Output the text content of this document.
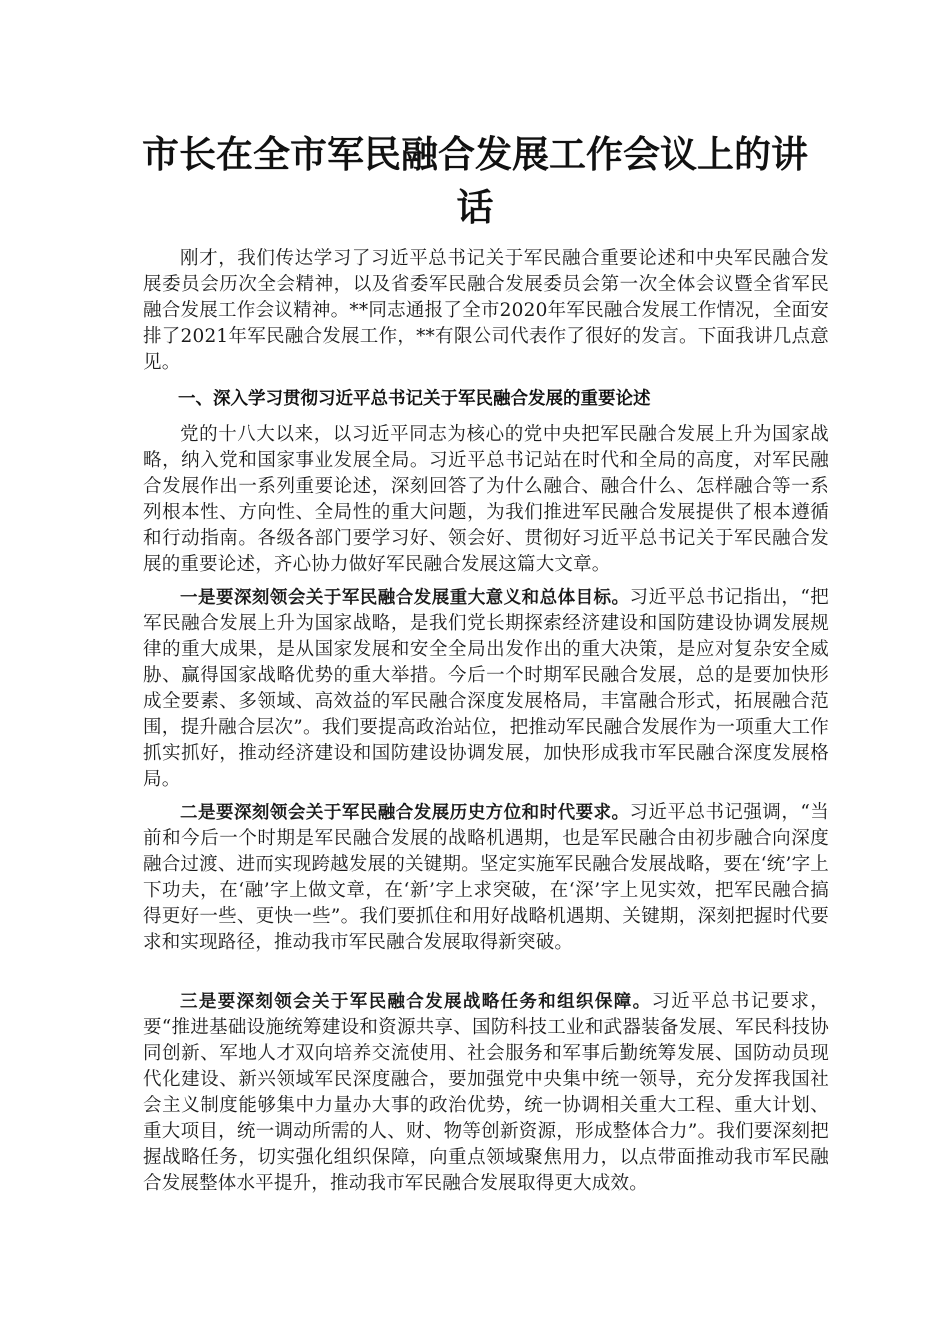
市长在全市军民融合发展工作会议上的讲话

刚才，我们传达学习了习近平总书记关于军民融合重要论述和中央军民融合发展委员会历次全会精神，以及省委军民融合发展委员会第一次全体会议暨全省军民融合发展工作会议精神。**同志通报了全市2020年军民融合发展工作情况，全面安排了2021年军民融合发展工作，**有限公司代表作了很好的发言。下面我讲几点意见。

一、深入学习贯彻习近平总书记关于军民融合发展的重要论述

党的十八大以来，以习近平同志为核心的党中央把军民融合发展上升为国家战略，纳入党和国家事业发展全局。习近平总书记站在时代和全局的高度，对军民融合发展作出一系列重要论述，深刻回答了为什么融合、融合什么、怎样融合等一系列根本性、方向性、全局性的重大问题，为我们推进军民融合发展提供了根本遵循和行动指南。各级各部门要学习好、领会好、贯彻好习近平总书记关于军民融合发展的重要论述，齐心协力做好军民融合发展这篇大文章。

一是要深刻领会关于军民融合发展重大意义和总体目标。习近平总书记指出，“把军民融合发展上升为国家战略，是我们党长期探索经济建设和国防建设协调发展规律的重大成果，是从国家发展和安全全局出发作出的重大决策，是应对复杂安全威胁、赢得国家战略优势的重大举措。今后一个时期军民融合发展，总的是要加快形成全要素、多领域、高效益的军民融合深度发展格局，丰富融合形式，拓展融合范围，提升融合层次”。我们要提高政治站位，把推动军民融合发展作为一项重大工作抓实抓好，推动经济建设和国防建设协调发展，加快形成我市军民融合深度发展格局。

二是要深刻领会关于军民融合发展历史方位和时代要求。习近平总书记强调，“当前和今后一个时期是军民融合发展的战略机遇期，也是军民融合由初步融合向深度融合过渡、进而实现跨越发展的关键期。坚定实施军民融合发展战略，要在‘统’字上下功夫，在‘融’字上做文章，在‘新’字上求突破，在‘深’字上见实效，把军民融合搞得更好一些、更快一些”。我们要抓住和用好战略机遇期、关键期，深刻把握时代要求和实现路径，推动我市军民融合发展取得新突破。

三是要深刻领会关于军民融合发展战略任务和组织保障。习近平总书记要求，要“推进基础设施统筹建设和资源共享、国防科技工业和武器装备发展、军民科技协同创新、军地人才双向培养交流使用、社会服务和军事后勤统筹发展、国防动员现代化建设、新兴领域军民深度融合，要加强党中央集中统一领导，充分发挥我国社会主义制度能够集中力量办大事的政治优势，统一协调相关重大工程、重大计划、重大项目，统一调动所需的人、财、物等创新资源，形成整体合力”。我们要深刻把握战略任务，切实强化组织保障，向重点领域聚焦用力，以点带面推动我市军民融合发展整体水平提升，推动我市军民融合发展取得更大成效。
